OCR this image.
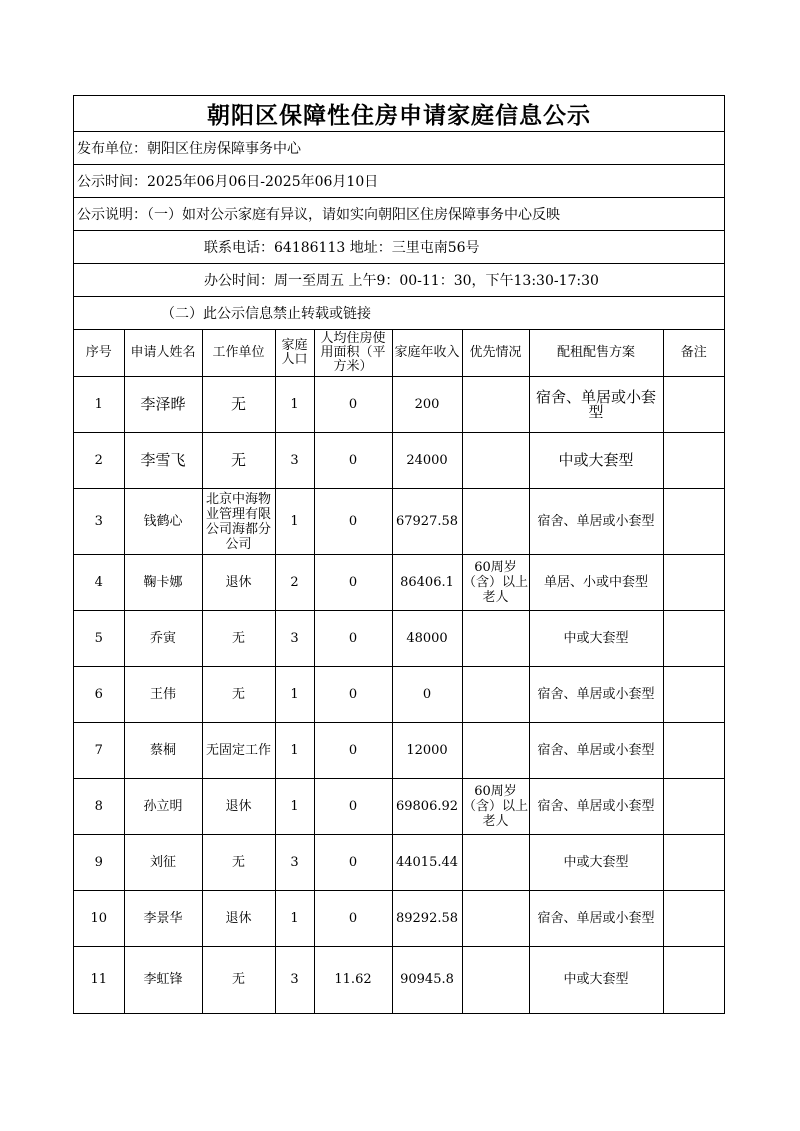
朝阳区保障性住房申请家庭信息公示
发布单位：朝阳区住房保障事务中心
公示时间：2025年06月06日-2025年06月10日
公示说明：（一）如对公示家庭有异议，请如实向朝阳区住房保障事务中心反映
联系电话：64186113 地址：三里屯南56号
办公时间：周一至周五 上午9：00-11：30，下午13:30-17:30
（二）此公示信息禁止转载或链接
序号	申请人姓名	工作单位	家庭人口	人均住房使用面积（平方米）	家庭年收入	优先情况	配租配售方案	备注
1	李泽晔	无	1	0	200		宿舍、单居或小套型	
2	李雪飞	无	3	0	24000		中或大套型	
3	钱鹤心	北京中海物业管理有限公司海都分公司	1	0	67927.58		宿舍、单居或小套型	
4	鞠卡娜	退休	2	0	86406.1	60周岁（含）以上老人	单居、小或中套型	
5	乔寅	无	3	0	48000		中或大套型	
6	王伟	无	1	0	0		宿舍、单居或小套型	
7	蔡桐	无固定工作	1	0	12000		宿舍、单居或小套型	
8	孙立明	退休	1	0	69806.92	60周岁（含）以上老人	宿舍、单居或小套型	
9	刘征	无	3	0	44015.44		中或大套型	
10	李景华	退休	1	0	89292.58		宿舍、单居或小套型	
11	李虹锋	无	3	11.62	90945.8		中或大套型	
